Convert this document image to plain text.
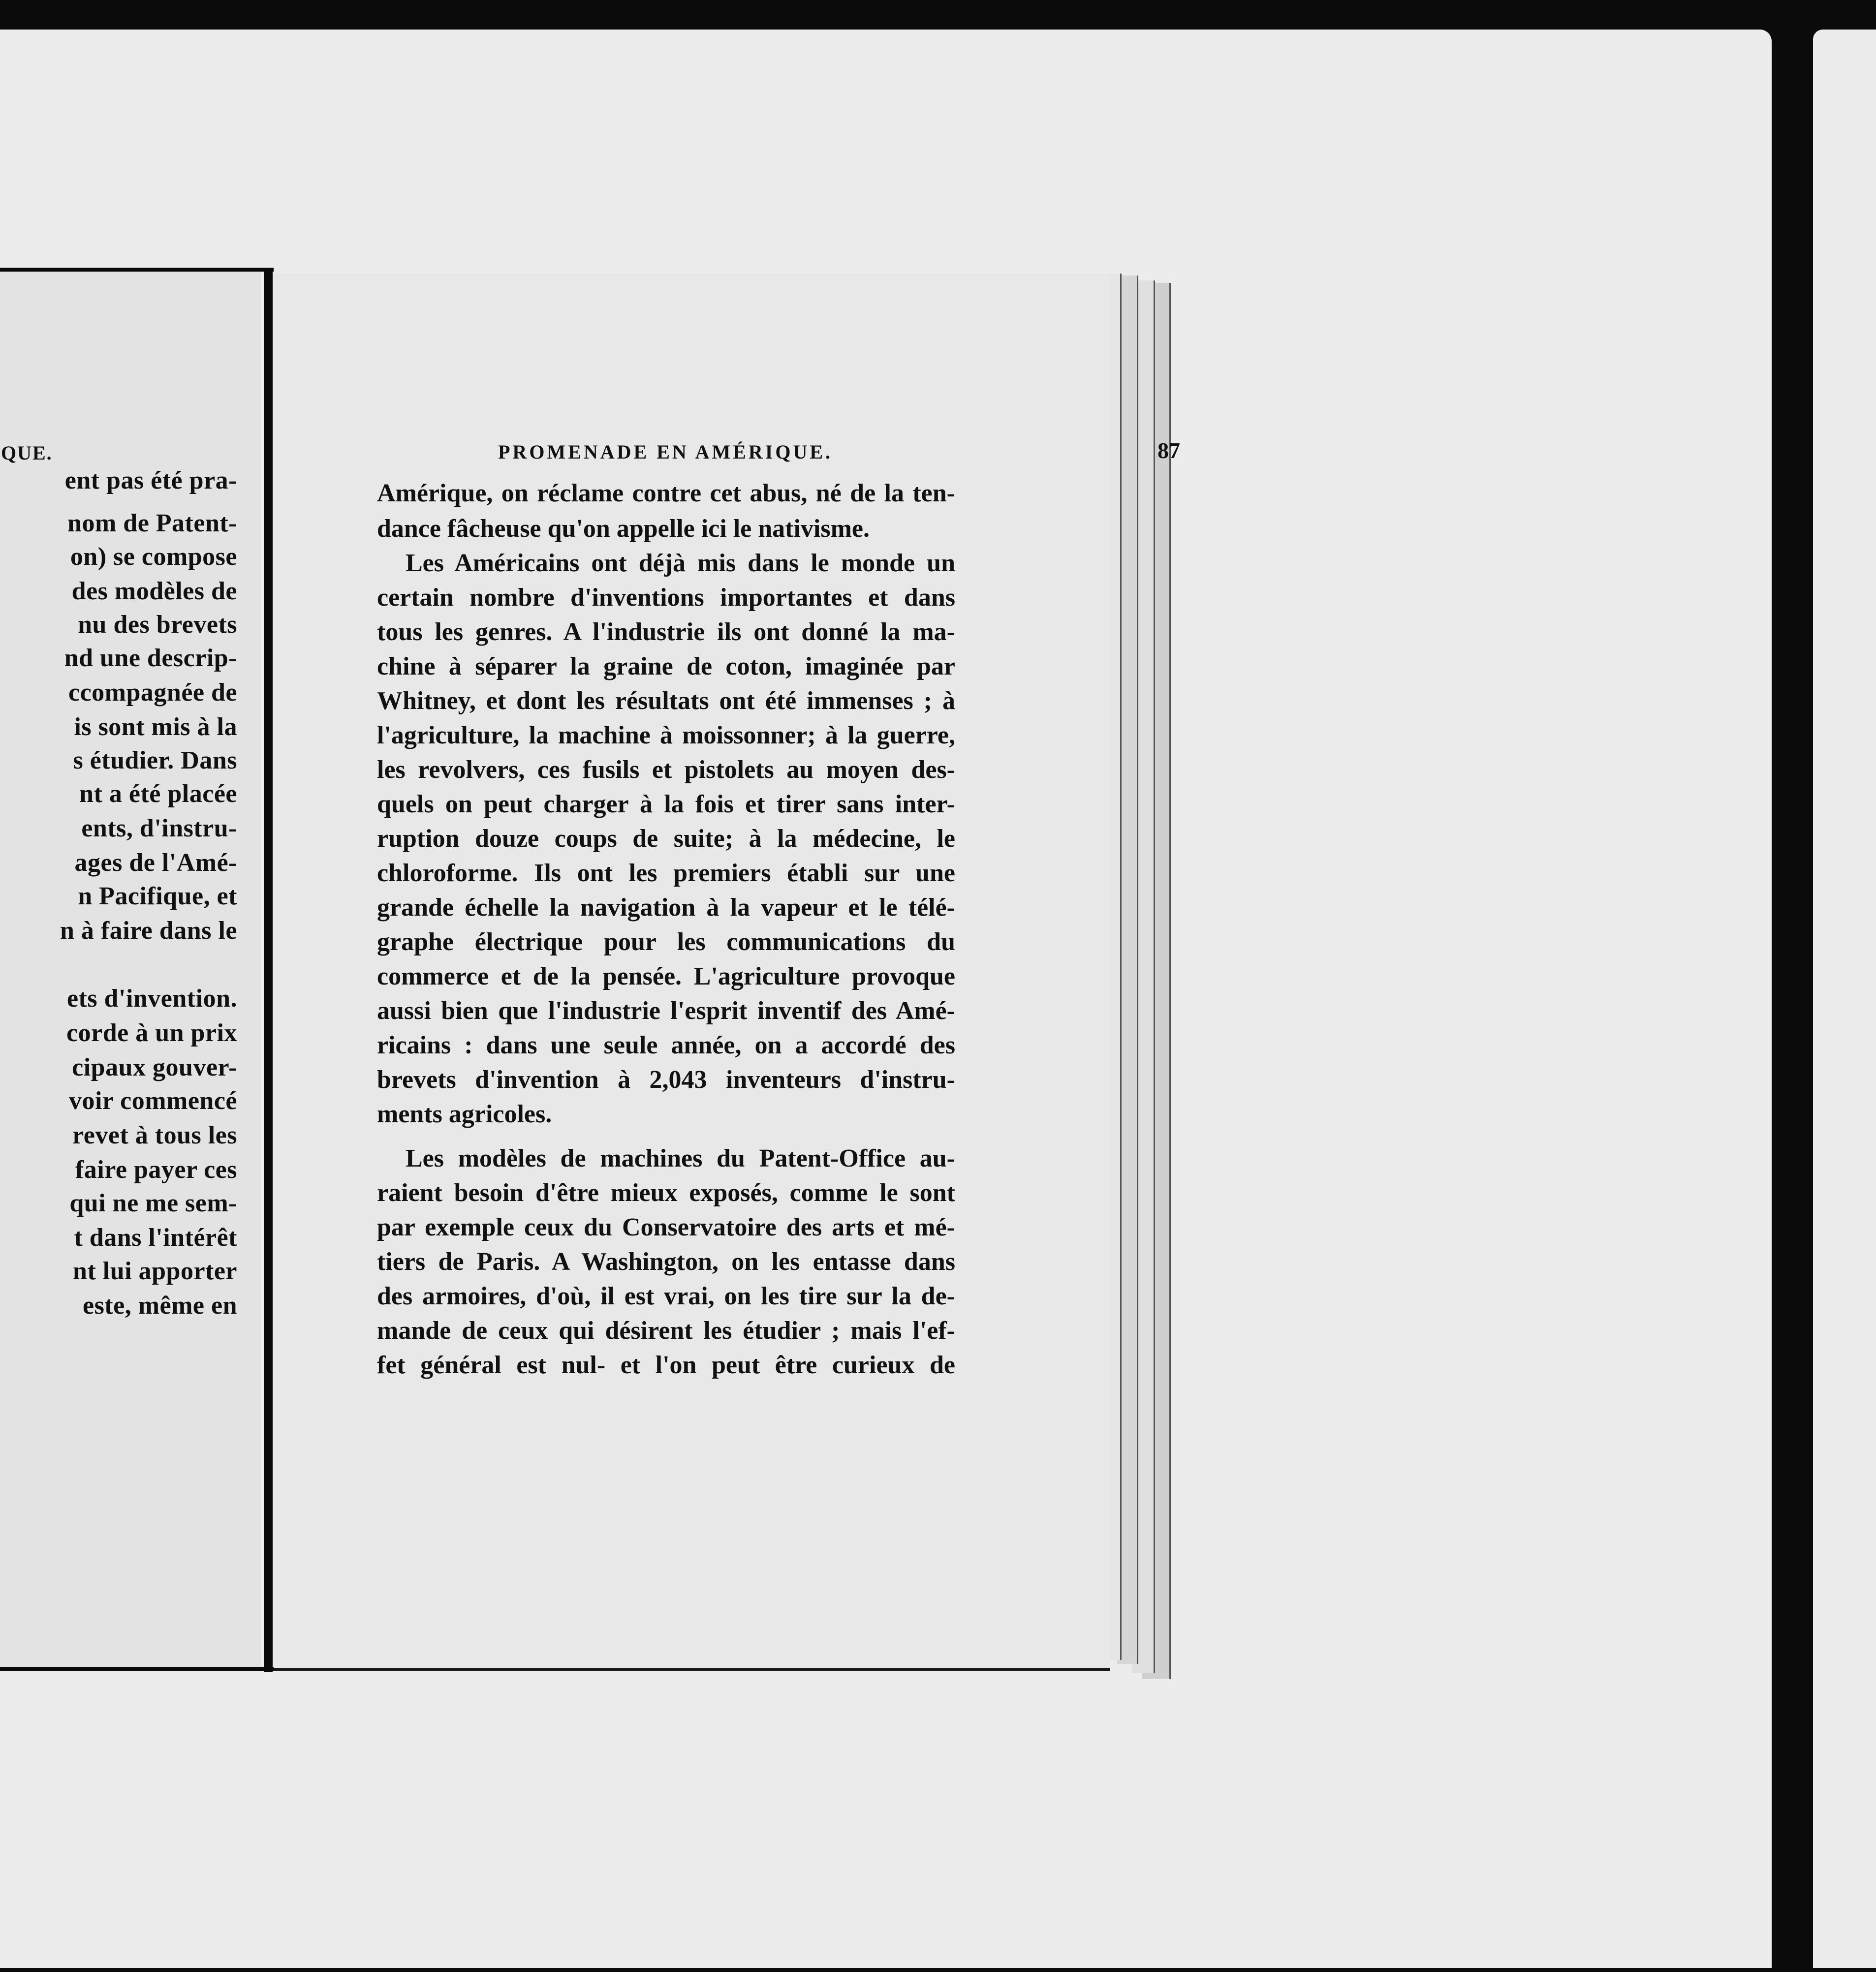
QUE.
ent pas été pra-
nom de Patent-
on) se compose
des modèles de
nu des brevets
nd une descrip-
ccompagnée de
is sont mis à la
s étudier. Dans
nt a été placée
ents, d'instru-
ages de l'Amé-
n Pacifique, et
n à faire dans le
ets d'invention.
corde à un prix
cipaux gouver-
voir commencé
revet à tous les
faire payer ces
qui ne me sem-
t dans l'intérêt
nt lui apporter
este, même en
PROMENADE EN AMÉRIQUE.	87
Amérique, on réclame contre cet abus, né de la ten-
dance fâcheuse qu'on appelle ici le nativisme.
Les Américains ont déjà mis dans le monde un
certain nombre d'inventions importantes et dans
tous les genres. A l'industrie ils ont donné la ma-
chine à séparer la graine de coton, imaginée par
Whitney, et dont les résultats ont été immenses ; à
l'agriculture, la machine à moissonner; à la guerre,
les revolvers, ces fusils et pistolets au moyen des-
quels on peut charger à la fois et tirer sans inter-
ruption douze coups de suite; à la médecine, le
chloroforme. Ils ont les premiers établi sur une
grande échelle la navigation à la vapeur et le télé-
graphe électrique pour les communications du
commerce et de la pensée. L'agriculture provoque
aussi bien que l'industrie l'esprit inventif des Amé-
ricains : dans une seule année, on a accordé des
brevets d'invention à 2,043 inventeurs d'instru-
ments agricoles.
Les modèles de machines du Patent-Office au-
raient besoin d'être mieux exposés, comme le sont
par exemple ceux du Conservatoire des arts et mé-
tiers de Paris. A Washington, on les entasse dans
des armoires, d'où, il est vrai, on les tire sur la de-
mande de ceux qui désirent les étudier ; mais l'ef-
fet général est nul- et l'on peut être curieux de
